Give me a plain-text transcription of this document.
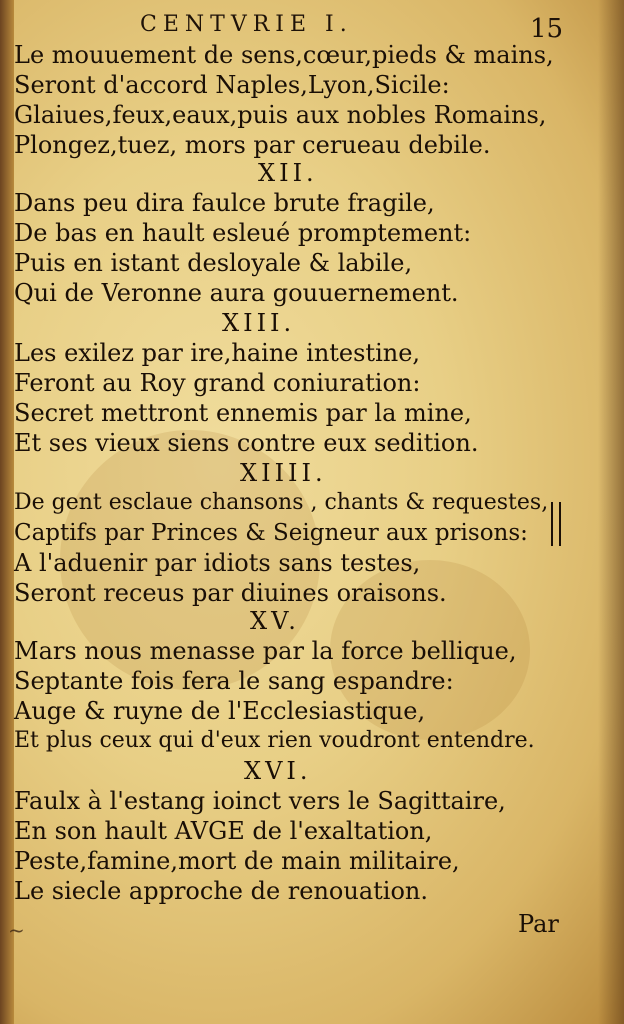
CENTVRIE I.	15
Le mouuement de sens,cœur,pieds & mains,
Seront d'accord Naples,Lyon,Sicile:
Glaiues,feux,eaux,puis aux nobles Romains,
Plongez,tuez, mors par cerueau debile.
XII.
Dans peu dira faulce brute fragile,
De bas en hault esleué promptement:
Puis en istant desloyale & labile,
Qui de Veronne aura gouuernement.
XIII.
Les exilez par ire,haine intestine,
Feront au Roy grand coniuration:
Secret mettront ennemis par la mine,
Et ses vieux siens contre eux sedition.
XIIII.
De gent esclaue chansons , chants & requestes,
Captifs par Princes & Seigneur aux prisons:
A l'aduenir par idiots sans testes,
Seront receus par diuines oraisons.
XV.
Mars nous menasse par la force bellique,
Septante fois fera le sang espandre:
Auge & ruyne de l'Ecclesiastique,
Et plus ceux qui d'eux rien voudront entendre.
XVI.
Faulx à l'estang ioinct vers le Sagittaire,
En son hault AVGE de l'exaltation,
Peste,famine,mort de main militaire,
Le siecle approche de renouation.
Par
~
